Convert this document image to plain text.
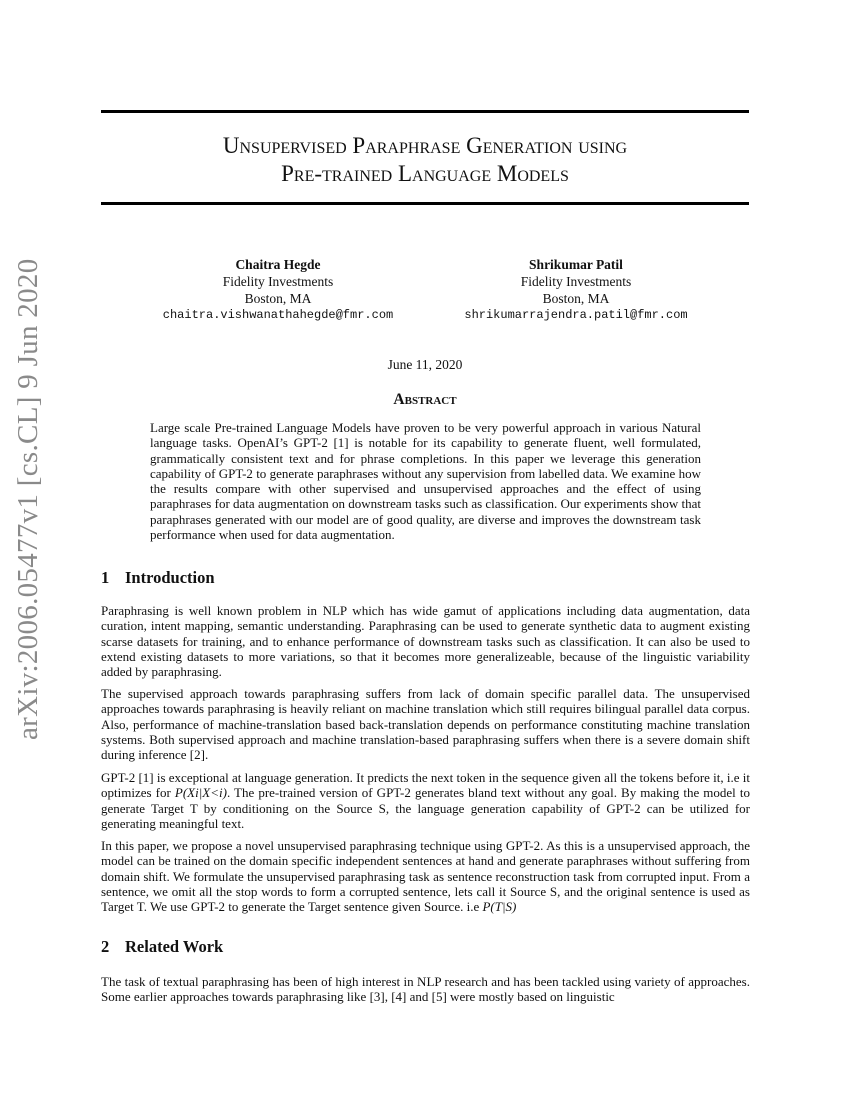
arXiv:2006.05477v1 [cs.CL] 9 Jun 2020
Unsupervised Paraphrase Generation using
Pre-trained Language Models
Chaitra Hegde
Fidelity Investments
Boston, MA
chaitra.vishwanathahegde@fmr.com
Shrikumar Patil
Fidelity Investments
Boston, MA
shrikumarrajendra.patil@fmr.com
June 11, 2020
Abstract
Large scale Pre-trained Language Models have proven to be very powerful approach in various Natural language tasks. OpenAI’s GPT-2 [1] is notable for its capability to generate fluent, well formulated, grammatically consistent text and for phrase completions. In this paper we leverage this generation capability of GPT-2 to generate paraphrases without any supervision from labelled data. We examine how the results compare with other supervised and unsupervised approaches and the effect of using paraphrases for data augmentation on downstream tasks such as classification. Our experiments show that paraphrases generated with our model are of good quality, are diverse and improves the downstream task performance when used for data augmentation.
1 Introduction
Paraphrasing is well known problem in NLP which has wide gamut of applications including data augmentation, data curation, intent mapping, semantic understanding. Paraphrasing can be used to generate synthetic data to augment existing scarse datasets for training, and to enhance performance of downstream tasks such as classification. It can also be used to extend existing datasets to more variations, so that it becomes more generalizeable, because of the linguistic variability added by paraphrasing.
The supervised approach towards paraphrasing suffers from lack of domain specific parallel data. The unsupervised approaches towards paraphrasing is heavily reliant on machine translation which still requires bilingual parallel data corpus. Also, performance of machine-translation based back-translation depends on performance constituting machine translation systems. Both supervised approach and machine translation-based paraphrasing suffers when there is a severe domain shift during inference [2].
GPT-2 [1] is exceptional at language generation. It predicts the next token in the sequence given all the tokens before it, i.e it optimizes for P(Xi|X<i). The pre-trained version of GPT-2 generates bland text without any goal. By making the model to generate Target T by conditioning on the Source S, the language generation capability of GPT-2 can be utilized for generating meaningful text.
In this paper, we propose a novel unsupervised paraphrasing technique using GPT-2. As this is a unsupervised approach, the model can be trained on the domain specific independent sentences at hand and generate paraphrases without suffering from domain shift. We formulate the unsupervised paraphrasing task as sentence reconstruction task from corrupted input. From a sentence, we omit all the stop words to form a corrupted sentence, lets call it Source S, and the original sentence is used as Target T. We use GPT-2 to generate the Target sentence given Source. i.e P(T|S)
2 Related Work
The task of textual paraphrasing has been of high interest in NLP research and has been tackled using variety of approaches. Some earlier approaches towards paraphrasing like [3], [4] and [5] were mostly based on linguistic
